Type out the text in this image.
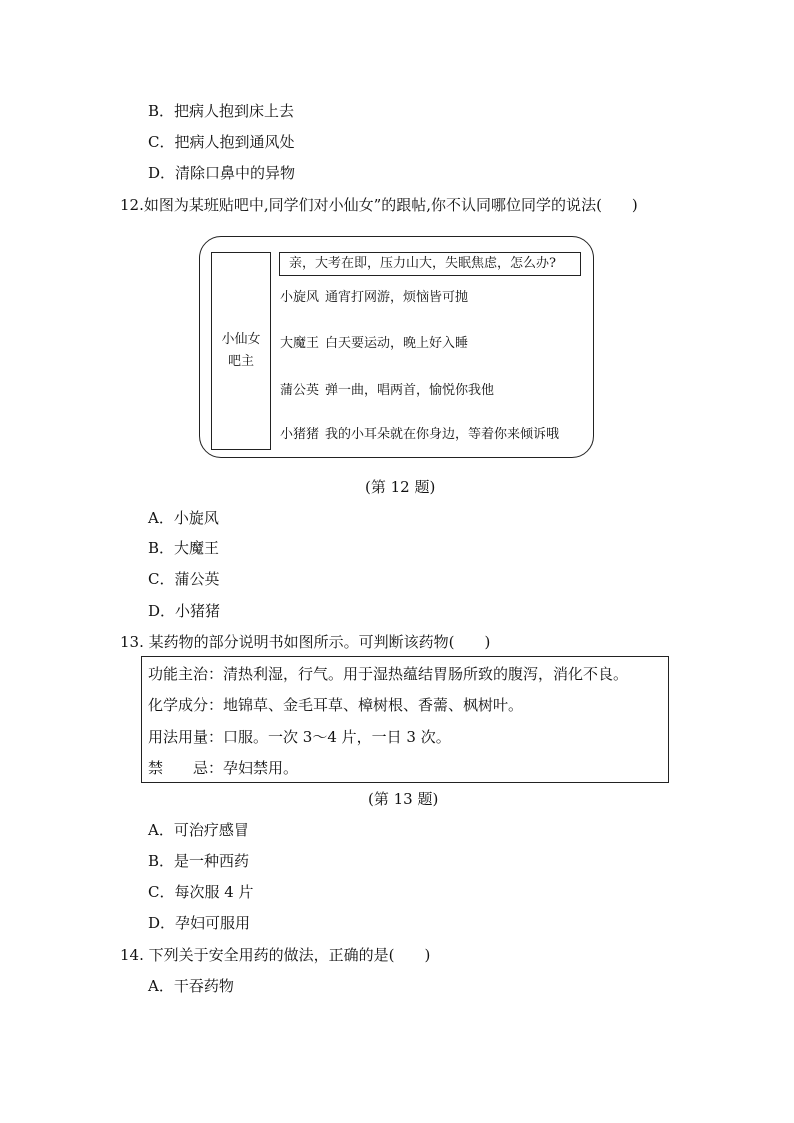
B．把病人抱到床上去
C．把病人抱到通风处
D．清除口鼻中的异物
12.如图为某班贴吧中,同学们对小仙女”的跟帖,你不认同哪位同学的说法(　　)
小仙女
吧主
亲，大考在即，压力山大，失眠焦虑，怎么办?
小旋风 通宵打网游，烦恼皆可抛
大魔王 白天要运动，晚上好入睡
蒲公英 弹一曲，唱两首，愉悦你我他
小猪猪 我的小耳朵就在你身边，等着你来倾诉哦
(第 12 题)
A．小旋风
B．大魔王
C．蒲公英
D．小猪猪
13. 某药物的部分说明书如图所示。可判断该药物(　　)
功能主治：清热利湿，行气。用于湿热蕴结胃肠所致的腹泻，消化不良。
化学成分：地锦草、金毛耳草、樟树根、香薷、枫树叶。
用法用量：口服。一次 3～4 片，一日 3 次。
禁　　忌：孕妇禁用。
(第 13 题)
A．可治疗感冒
B．是一种西药
C．每次服 4 片
D．孕妇可服用
14. 下列关于安全用药的做法，正确的是(　　)
A．干吞药物
